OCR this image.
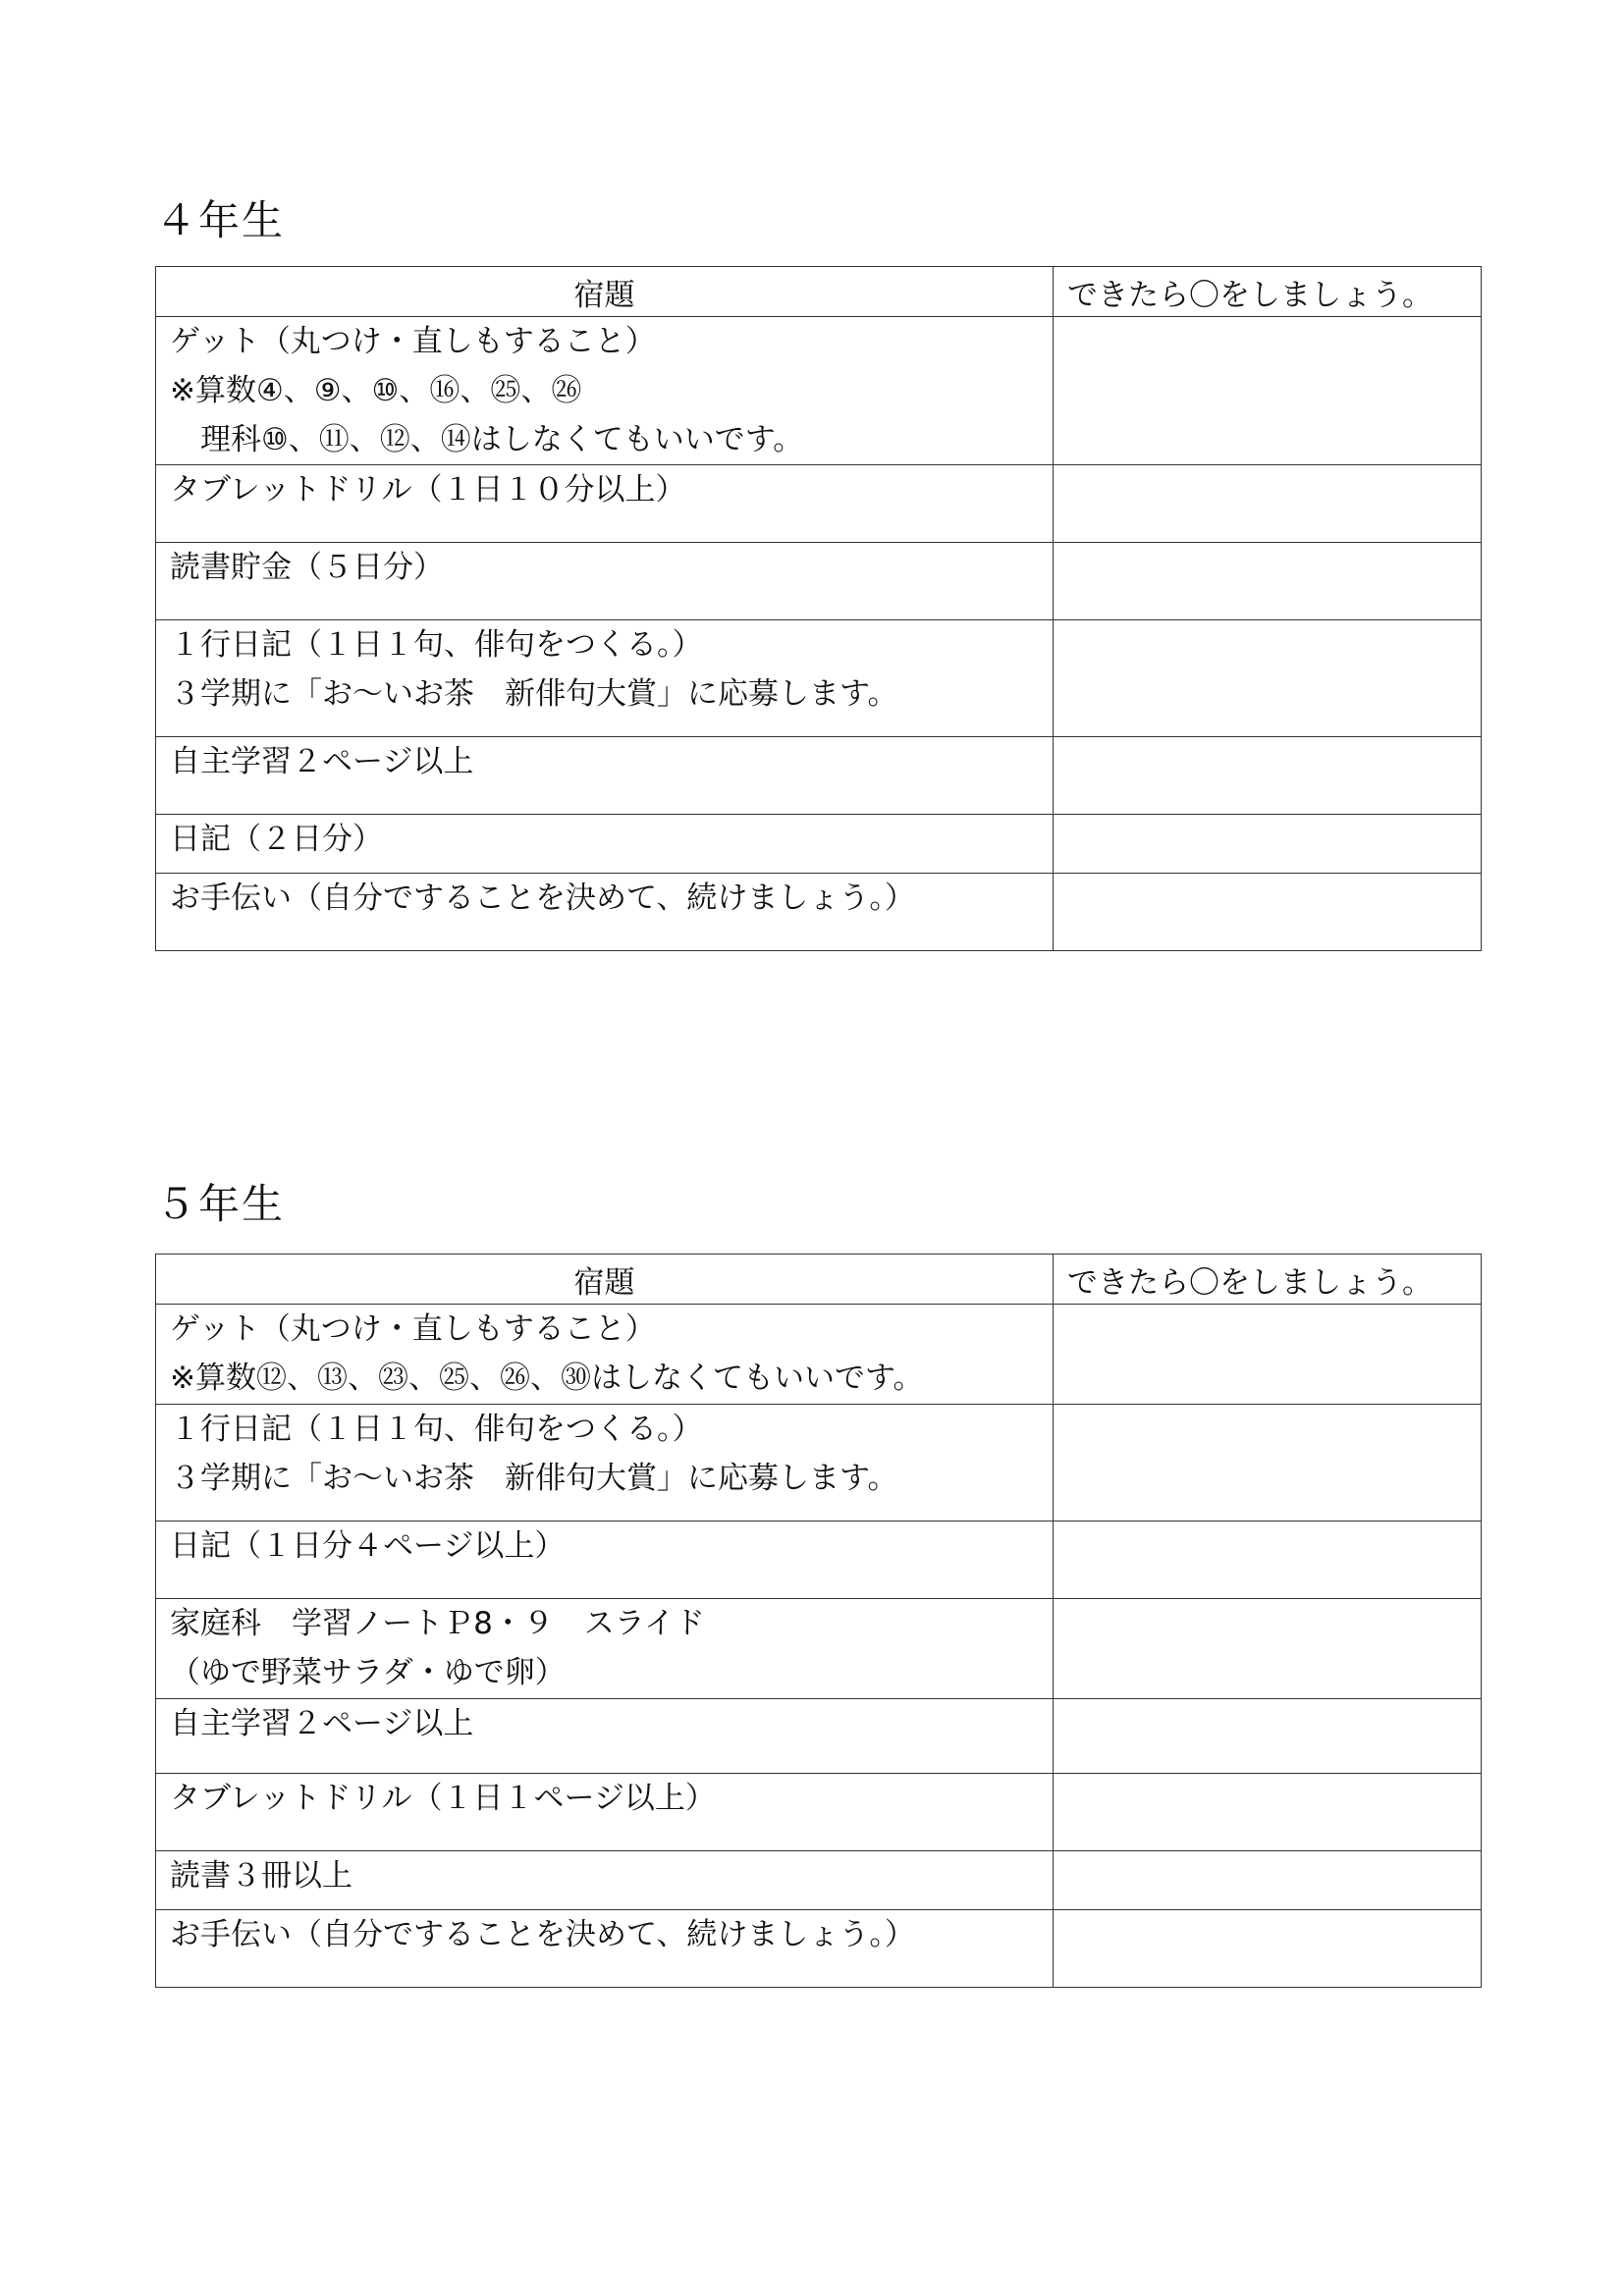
４年生
宿題	できたら〇をしましょう。

ゲット（丸つけ・直しもすること）
※算数④、⑨、⑩、⑯、㉕、㉖
　理科⑩、⑪、⑫、⑭はしなくてもいいです。	

タブレットドリル（１日１０分以上）	

読書貯金（５日分）	

１行日記（１日１句、俳句をつくる。）
３学期に「お～いお茶　新俳句大賞」に応募します。	

自主学習２ページ以上	

日記（２日分）	

お手伝い（自分ですることを決めて、続けましょう。）	

５年生
宿題	できたら〇をしましょう。

ゲット（丸つけ・直しもすること）
※算数⑫、⑬、㉓、㉕、㉖、㉚はしなくてもいいです。	

１行日記（１日１句、俳句をつくる。）
３学期に「お～いお茶　新俳句大賞」に応募します。	

日記（１日分４ページ以上）	

家庭科　学習ノートＰ8・９　スライド
（ゆで野菜サラダ・ゆで卵）	

自主学習２ページ以上	

タブレットドリル（１日１ページ以上）	

読書３冊以上	

お手伝い（自分ですることを決めて、続けましょう。）	
